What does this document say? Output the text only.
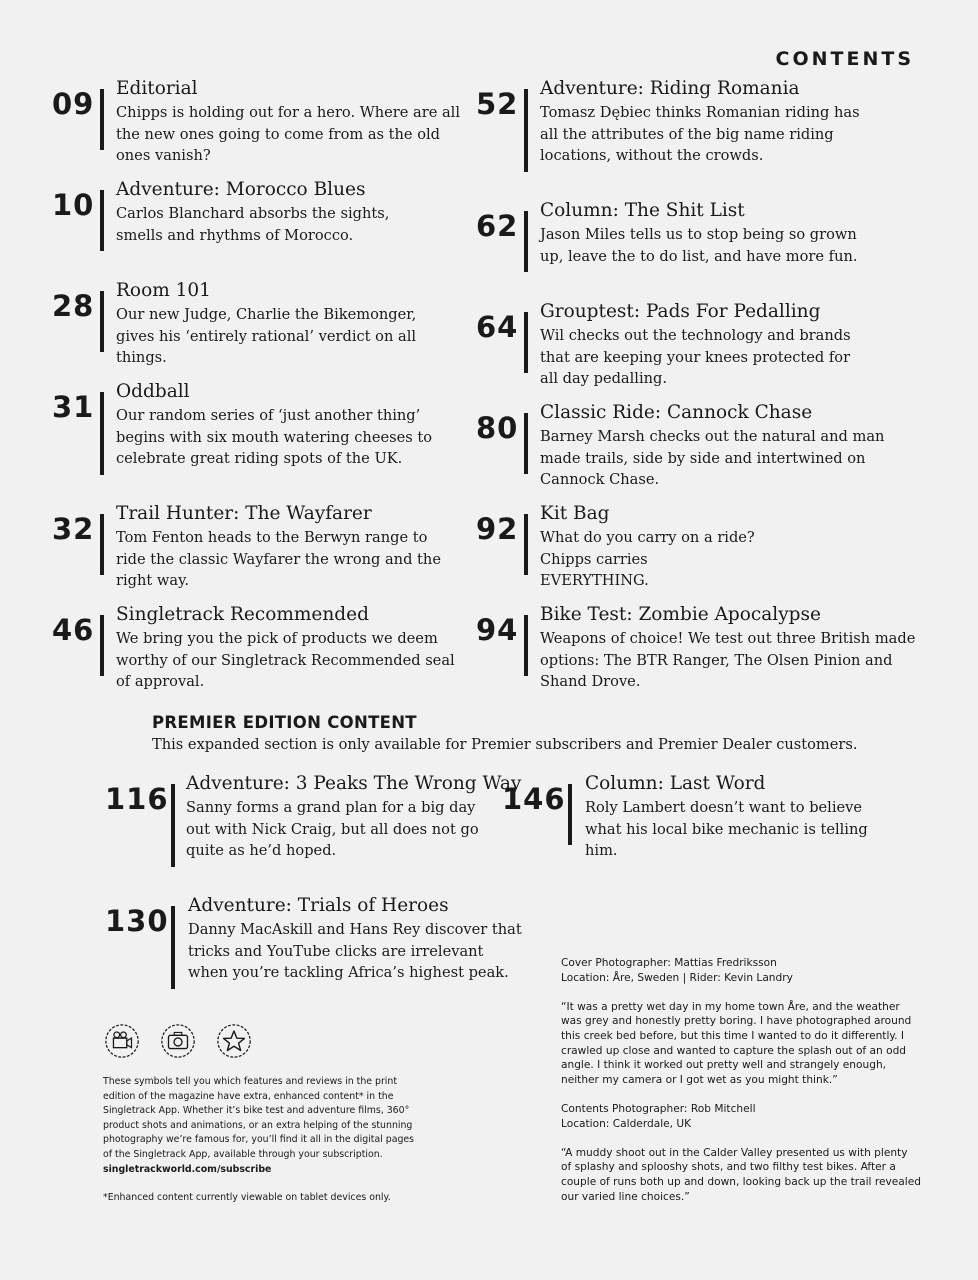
CONTENTS
09 Editorial
Chipps is holding out for a hero. Where are all the new ones going to come from as the old ones vanish?
10 Adventure: Morocco Blues
Carlos Blanchard absorbs the sights, smells and rhythms of Morocco.
28 Room 101
Our new Judge, Charlie the Bikemonger, gives his ‘entirely rational’ verdict on all things.
31 Oddball
Our random series of ‘just another thing’ begins with six mouth watering cheeses to celebrate great riding spots of the UK.
32 Trail Hunter: The Wayfarer
Tom Fenton heads to the Berwyn range to ride the classic Wayfarer the wrong and the right way.
46 Singletrack Recommended
We bring you the pick of products we deem worthy of our Singletrack Recommended seal of approval.
52 Adventure: Riding Romania
Tomasz Dębiec thinks Romanian riding has all the attributes of the big name riding locations, without the crowds.
62 Column: The Shit List
Jason Miles tells us to stop being so grown up, leave the to do list, and have more fun.
64 Grouptest: Pads For Pedalling
Wil checks out the technology and brands that are keeping your knees protected for all day pedalling.
80 Classic Ride: Cannock Chase
Barney Marsh checks out the natural and man made trails, side by side and intertwined on Cannock Chase.
92 Kit Bag
What do you carry on a ride? Chipps carries EVERYTHING.
94 Bike Test: Zombie Apocalypse
Weapons of choice! We test out three British made options: The BTR Ranger, The Olsen Pinion and Shand Drove.
PREMIER EDITION CONTENT
This expanded section is only available for Premier subscribers and Premier Dealer customers.
116 Adventure: 3 Peaks The Wrong Way
Sanny forms a grand plan for a big day out with Nick Craig, but all does not go quite as he’d hoped.
146 Column: Last Word
Roly Lambert doesn’t want to believe what his local bike mechanic is telling him.
130 Adventure: Trials of Heroes
Danny MacAskill and Hans Rey discover that tricks and YouTube clicks are irrelevant when you’re tackling Africa’s highest peak.
These symbols tell you which features and reviews in the print edition of the magazine have extra, enhanced content* in the Singletrack App. Whether it’s bike test and adventure films, 360° product shots and animations, or an extra helping of the stunning photography we’re famous for, you’ll find it all in the digital pages of the Singletrack App, available through your subscription.
singletrackworld.com/subscribe
*Enhanced content currently viewable on tablet devices only.

Cover Photographer: Mattias Fredriksson

Location: Åre, Sweden | Rider: Kevin Landry

“It was a pretty wet day in my home town Åre, and the weather was grey and honestly pretty boring. I have photographed around this creek bed before, but this time I wanted to do it differently. I crawled up close and wanted to capture the splash out of an odd angle. I think it worked out pretty well and strangely enough, neither my camera or I got wet as you might think.”

Contents Photographer: Rob Mitchell

Location: Calderdale, UK

“A muddy shoot out in the Calder Valley presented us with plenty of splashy and splooshy shots, and two filthy test bikes. After a couple of runs both up and down, looking back up the trail revealed our varied line choices.”
